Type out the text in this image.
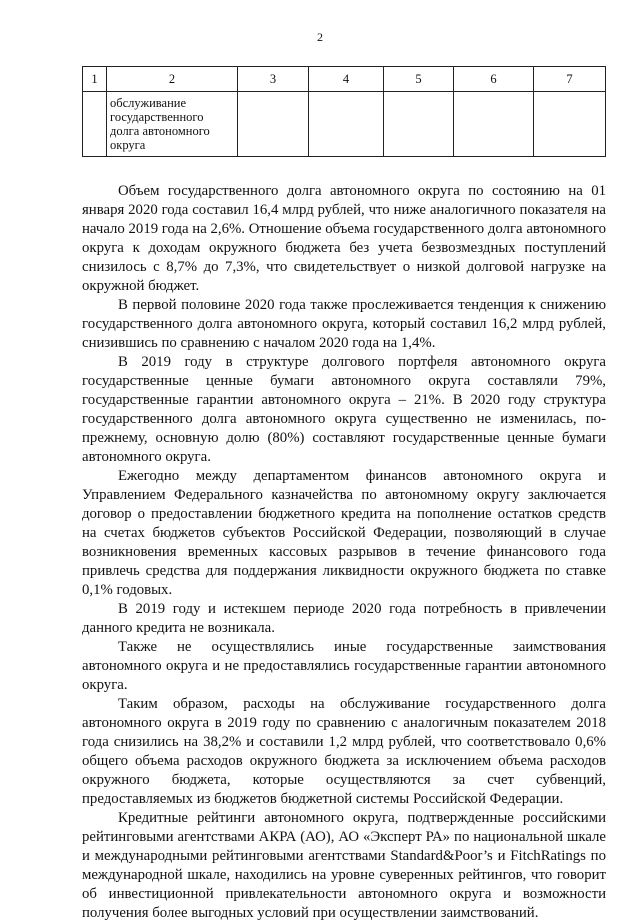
2
1	2	3	4	5	6	7

	обслуживание государственного долга автономного округа					

Объем государственного долга автономного округа по состоянию на 01 января 2020 года составил 16,4 млрд рублей, что ниже аналогичного показателя на начало 2019 года на 2,6%. Отношение объема государственного долга автономного округа к доходам окружного бюджета без учета безвозмездных поступлений снизилось с 8,7% до 7,3%, что свидетельствует о низкой долговой нагрузке на окружной бюджет.

В первой половине 2020 года также прослеживается тенденция к снижению государственного долга автономного округа, который составил 16,2 млрд рублей, снизившись по сравнению с началом 2020 года на 1,4%.

В 2019 году в структуре долгового портфеля автономного округа государственные ценные бумаги автономного округа составляли 79%, государственные гарантии автономного округа – 21%. В 2020 году структура государственного долга автономного округа существенно не изменилась, по-прежнему, основную долю (80%) составляют государственные ценные бумаги автономного округа.

Ежегодно между департаментом финансов автономного округа и Управлением Федерального казначейства по автономному округу заключается договор о предоставлении бюджетного кредита на пополнение остатков средств на счетах бюджетов субъектов Российской Федерации, позволяющий в случае возникновения временных кассовых разрывов в течение финансового года привлечь средства для поддержания ликвидности окружного бюджета по ставке 0,1% годовых.

В 2019 году и истекшем периоде 2020 года потребность в привлечении данного кредита не возникала.

Также не осуществлялись иные государственные заимствования автономного округа и не предоставлялись государственные гарантии автономного округа.

Таким образом, расходы на обслуживание государственного долга автономного округа в 2019 году по сравнению с аналогичным показателем 2018 года снизились на 38,2% и составили 1,2 млрд рублей, что соответствовало 0,6% общего объема расходов окружного бюджета за исключением объема расходов окружного бюджета, которые осуществляются за счет субвенций, предоставляемых из бюджетов бюджетной системы Российской Федерации.

Кредитные рейтинги автономного округа, подтвержденные российскими рейтинговыми агентствами АКРА (АО), АО «Эксперт РА» по национальной шкале и международными рейтинговыми агентствами Standard&Poor’s и FitchRatings по международной шкале, находились на уровне суверенных рейтингов, что говорит об инвестиционной привлекательности автономного округа и возможности получения более выгодных условий при осуществлении заимствований.
